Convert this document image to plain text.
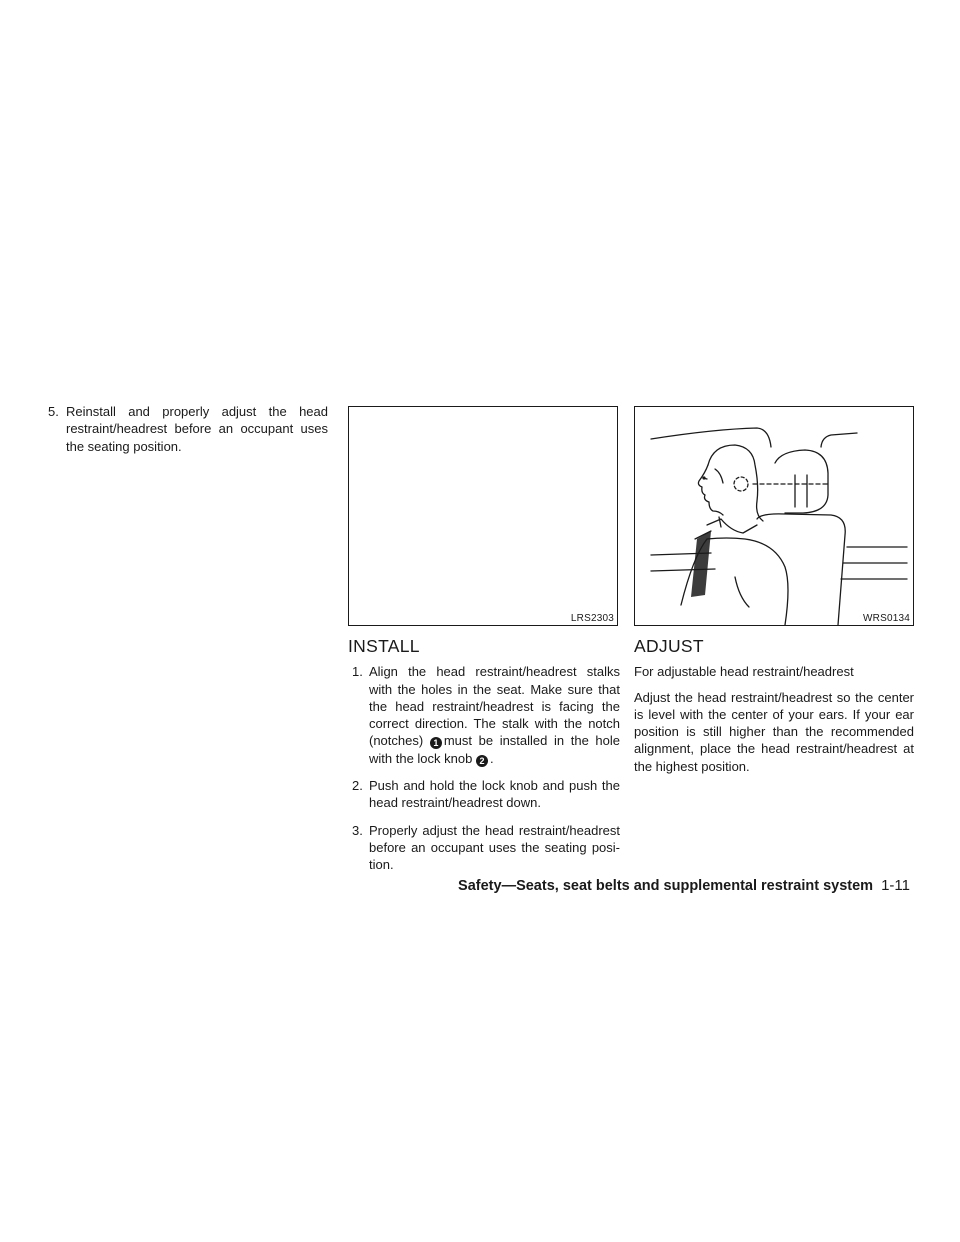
5. Reinstall and properly adjust the head restraint/headrest before an occupant uses the seating position.
LRS2303
INSTALL
1. Align the head restraint/headrest stalks with the holes in the seat. Make sure that the head restraint/headrest is facing the correct direction. The stalk with the notch (notches) 1 must be installed in the hole with the lock knob 2 .
2. Push and hold the lock knob and push the head restraint/headrest down.
3. Properly adjust the head restraint/headrest before an occupant uses the seating posi- tion.
WRS0134
ADJUST

For adjustable head restraint/headrest

Adjust the head restraint/headrest so the center is level with the center of your ears. If your ear position is still higher than the recommended alignment, place the head restraint/headrest at the highest position.

Safety—Seats, seat belts and supplemental restraint system 1-11
